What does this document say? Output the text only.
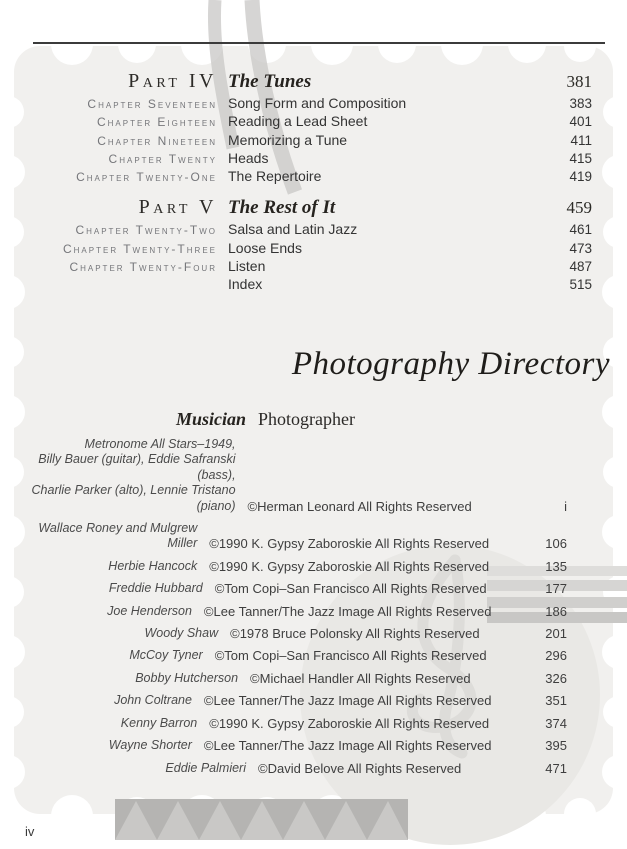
Part IV The Tunes	381
Chapter Seventeen Song Form and Composition	383
Chapter Eighteen Reading a Lead Sheet	401
Chapter Nineteen Memorizing a Tune	411
Chapter Twenty Heads	415
Chapter Twenty-One The Repertoire	419
Part V The Rest of It	459
Chapter Twenty-Two Salsa and Latin Jazz	461
Chapter Twenty-Three Loose Ends	473
Chapter Twenty-Four Listen	487
Index	515
Photography Directory
Musician Photographer
Metronome All Stars–1949,
Billy Bauer (guitar), Eddie Safranski (bass),
Charlie Parker (alto), Lennie Tristano (piano) ©Herman Leonard All Rights Reserved	i
Wallace Roney and Mulgrew Miller ©1990 K. Gypsy Zaboroskie All Rights Reserved	106
Herbie Hancock ©1990 K. Gypsy Zaboroskie All Rights Reserved	135
Freddie Hubbard ©Tom Copi–San Francisco All Rights Reserved	177
Joe Henderson ©Lee Tanner/The Jazz Image All Rights Reserved	186
Woody Shaw ©1978 Bruce Polonsky All Rights Reserved	201
McCoy Tyner ©Tom Copi–San Francisco All Rights Reserved	296
Bobby Hutcherson ©Michael Handler All Rights Reserved	326
John Coltrane ©Lee Tanner/The Jazz Image All Rights Reserved	351
Kenny Barron ©1990 K. Gypsy Zaboroskie All Rights Reserved	374
Wayne Shorter ©Lee Tanner/The Jazz Image All Rights Reserved	395
Eddie Palmieri ©David Belove All Rights Reserved	471
iv
